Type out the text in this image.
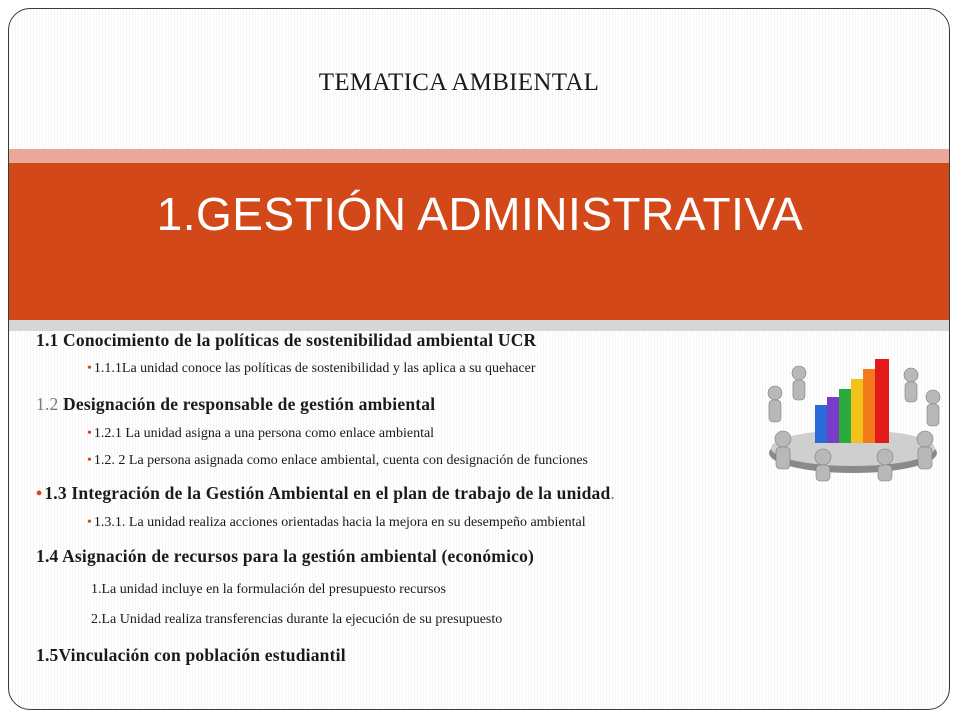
TEMATICA AMBIENTAL
1.GESTIÓN ADMINISTRATIVA
1.1 Conocimiento de la políticas de sostenibilidad ambiental UCR
• 1.1.1La unidad conoce las políticas de sostenibilidad y las aplica a su quehacer
1.2 Designación de responsable de gestión ambiental
• 1.2.1 La unidad asigna a una persona como enlace ambiental
• 1.2. 2 La persona asignada como enlace ambiental, cuenta con designación de funciones
• 1.3 Integración de la Gestión Ambiental en el plan de trabajo de la unidad.
• 1.3.1. La unidad realiza acciones orientadas hacia la mejora en su desempeño ambiental
1.4 Asignación de recursos para la gestión ambiental (económico)
1.La unidad incluye en la formulación del presupuesto recursos
2.La Unidad realiza transferencias durante la ejecución de su presupuesto
1.5Vinculación con población estudiantil
